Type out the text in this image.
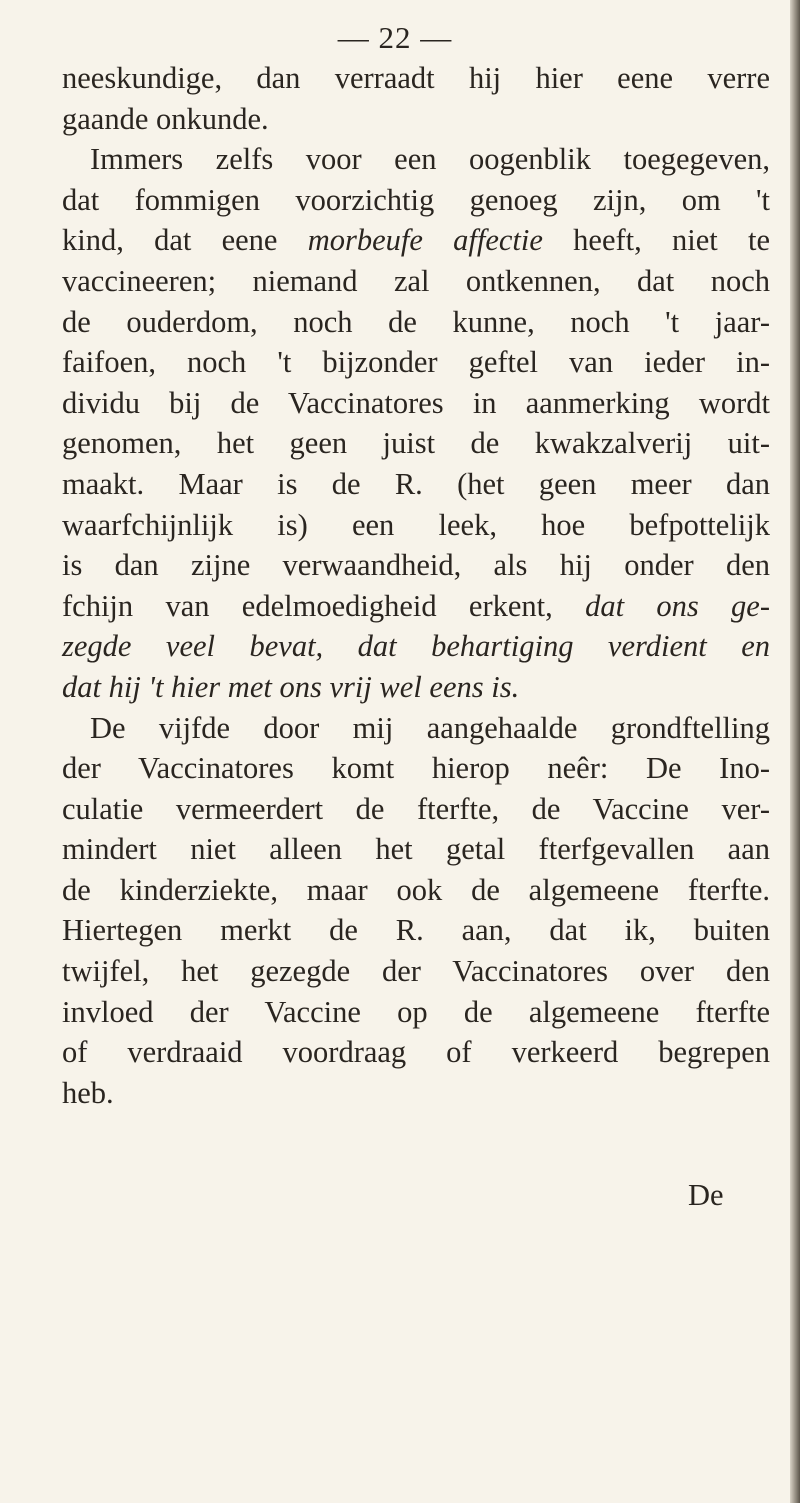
— 22 —
neeskundige, dan verraadt hij hier eene verre
gaande onkunde.
Immers zelfs voor een oogenblik toegegeven,
dat fommigen voorzichtig genoeg zijn, om 't
kind, dat eene morbeufe affectie heeft, niet te
vaccineeren; niemand zal ontkennen, dat noch
de ouderdom, noch de kunne, noch 't jaar-
faifoen, noch 't bijzonder geftel van ieder in-
dividu bij de Vaccinatores in aanmerking wordt
genomen, het geen juist de kwakzalverij uit-
maakt. Maar is de R. (het geen meer dan
waarfchijnlijk is) een leek, hoe befpottelijk
is dan zijne verwaandheid, als hij onder den
fchijn van edelmoedigheid erkent, dat ons ge-
zegde veel bevat, dat behartiging verdient en
dat hij 't hier met ons vrij wel eens is.
De vijfde door mij aangehaalde grondftelling
der Vaccinatores komt hierop neêr: De Ino-
culatie vermeerdert de fterfte, de Vaccine ver-
mindert niet alleen het getal fterfgevallen aan
de kinderziekte, maar ook de algemeene fterfte.
Hiertegen merkt de R. aan, dat ik, buiten
twijfel, het gezegde der Vaccinatores over den
invloed der Vaccine op de algemeene fterfte
of verdraaid voordraag of verkeerd begrepen
heb.
De
